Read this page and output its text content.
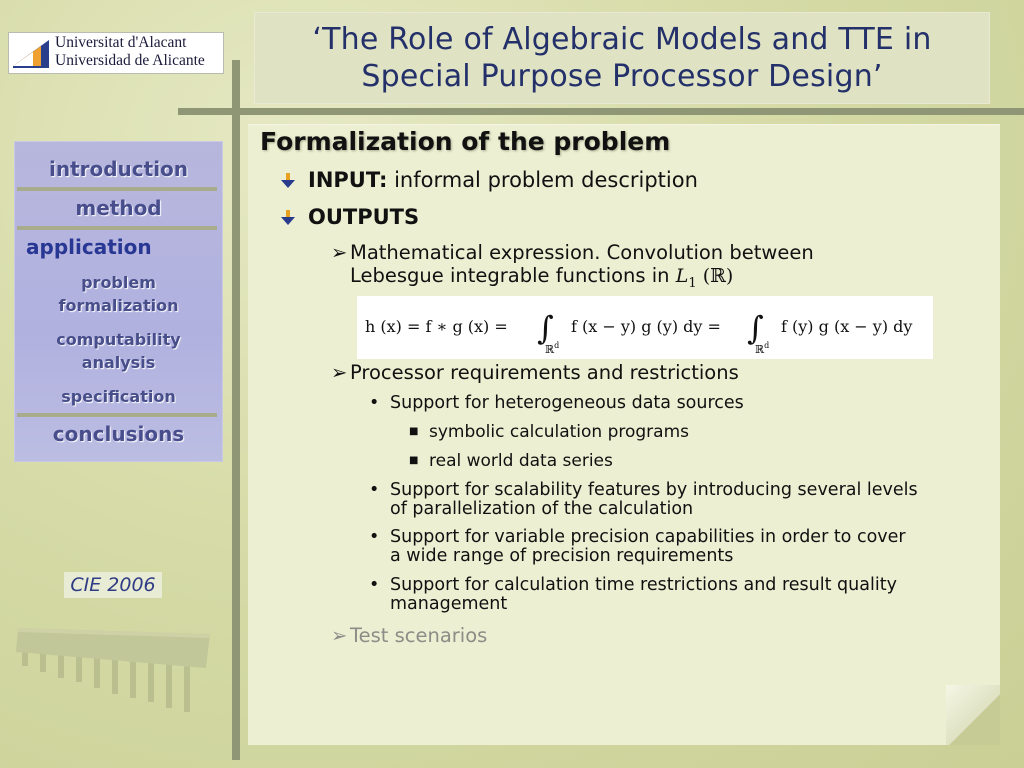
Universitat d'Alacant
Universidad de Alicante
‘The Role of Algebraic Models and TTE in Special Purpose Processor Design’
introduction
method
application
problem
formalization
computability
analysis
specification
conclusions
CIE 2006
Formalization of the problem
INPUT: informal problem description
OUTPUTS
➢ Mathematical expression. Convolution between
Lebesgue integrable functions in $L_1$ (ℝ)
h (x) = f ∗ g (x) = ∫
ℝ$^d$
f (x − y) g (y) dy = ∫
ℝ$^d$
f (y) g (x − y) dy
➢ Processor requirements and restrictions
• Support for heterogeneous data sources
■ symbolic calculation programs
■ real world data series
• Support for scalability features by introducing several levels
of parallelization of the calculation
• Support for variable precision capabilities in order to cover
a wide range of precision requirements
• Support for calculation time restrictions and result quality
management
➢ Test scenarios
